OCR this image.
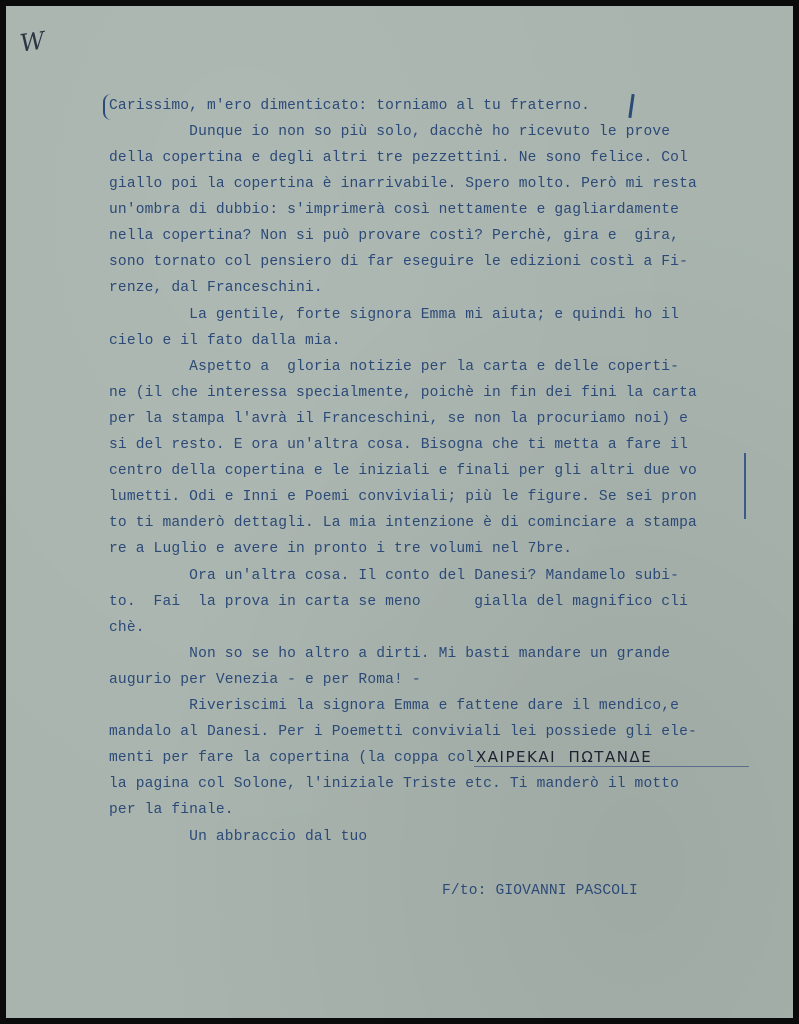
W
Carissimo, m'ero dimenticato: torniamo al tu fraterno.
Dunque io non so più solo, dacchè ho ricevuto le prove
della copertina e degli altri tre pezzettini. Ne sono felice. Col
giallo poi la copertina è inarrivabile. Spero molto. Però mi resta
un'ombra di dubbio: s'imprimerà così nettamente e gagliardamente
nella copertina? Non si può provare costì? Perchè, gira e  gira,
sono tornato col pensiero di far eseguire le edizioni costì a Fi-
renze, dal Franceschini.
La gentile, forte signora Emma mi aiuta; e quindi ho il
cielo e il fato dalla mia.
Aspetto a  gloria notizie per la carta e delle coperti-
ne (il che interessa specialmente, poichè in fin dei fini la carta
per la stampa l'avrà il Franceschini, se non la procuriamo noi) e
si del resto. E ora un'altra cosa. Bisogna che ti metta a fare il
centro della copertina e le iniziali e finali per gli altri due vo
lumetti. Odi e Inni e Poemi conviviali; più le figure. Se sei pron
to ti manderò dettagli. La mia intenzione è di cominciare a stampa
re a Luglio e avere in pronto i tre volumi nel 7bre.
Ora un'altra cosa. Il conto del Danesi? Mandamelo subi-
to.  Fai  la prova in carta se meno      gialla del magnifico cli
chè.
Non so se ho altro a dirti. Mi basti mandare un grande
augurio per Venezia - e per Roma! -
Riveriscimi la signora Emma e fattene dare il mendico,e
mandalo al Danesi. Per i Poemetti conviviali lei possiede gli ele-
menti per fare la copertina (la coppa col ΧΑΙΡΕΚΑΙ  ΠΩΤΑΝΔΕ
la pagina col Solone, l'iniziale Triste etc. Ti manderò il motto
per la finale.
Un abbraccio dal tuo
F/to: GIOVANNI PASCOLI
